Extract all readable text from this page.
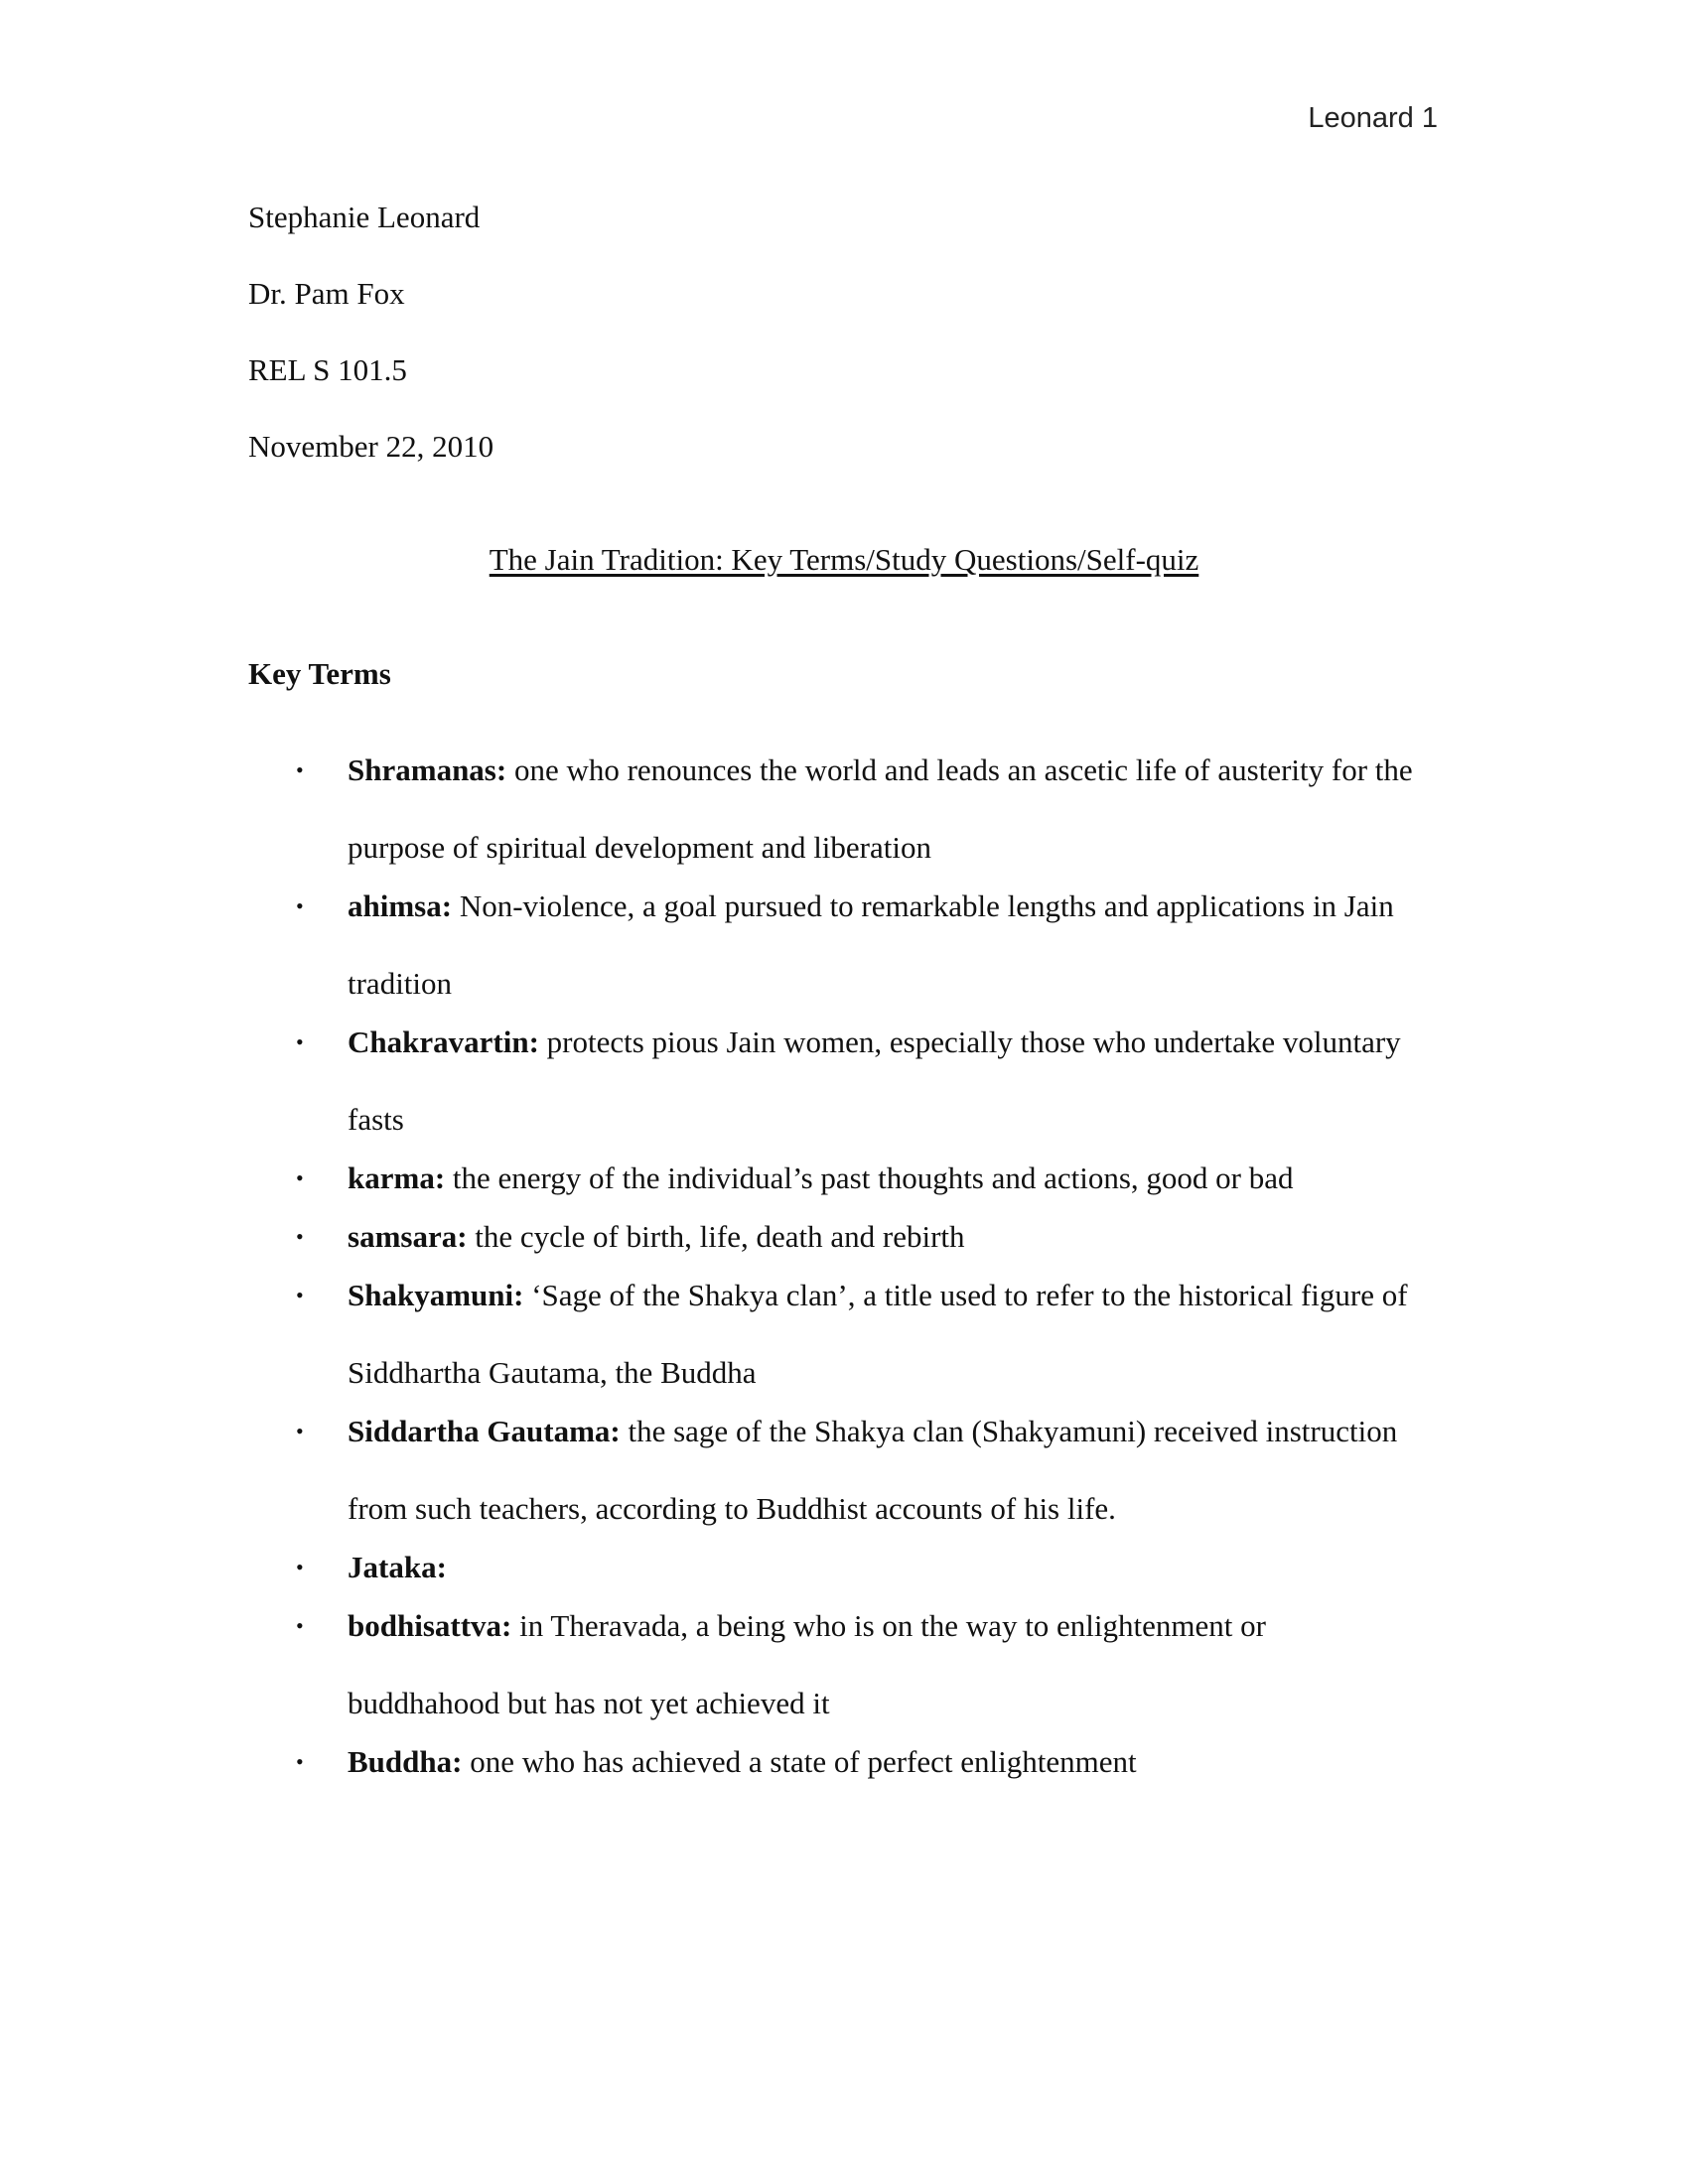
Leonard 1
Stephanie Leonard
Dr. Pam Fox
REL S 101.5
November 22, 2010
The Jain Tradition: Key Terms/Study Questions/Self-quiz
Key Terms
• Shramanas: one who renounces the world and leads an ascetic life of austerity for the purpose of spiritual development and liberation
• ahimsa: Non-violence, a goal pursued to remarkable lengths and applications in Jain tradition
• Chakravartin: protects pious Jain women, especially those who undertake voluntary fasts
• karma: the energy of the individual’s past thoughts and actions, good or bad
• samsara: the cycle of birth, life, death and rebirth
• Shakyamuni: ‘Sage of the Shakya clan’, a title used to refer to the historical figure of Siddhartha Gautama, the Buddha
• Siddartha Gautama: the sage of the Shakya clan (Shakyamuni) received instruction from such teachers, according to Buddhist accounts of his life.
• Jataka:
• bodhisattva: in Theravada, a being who is on the way to enlightenment or buddhahood but has not yet achieved it
• Buddha: one who has achieved a state of perfect enlightenment
